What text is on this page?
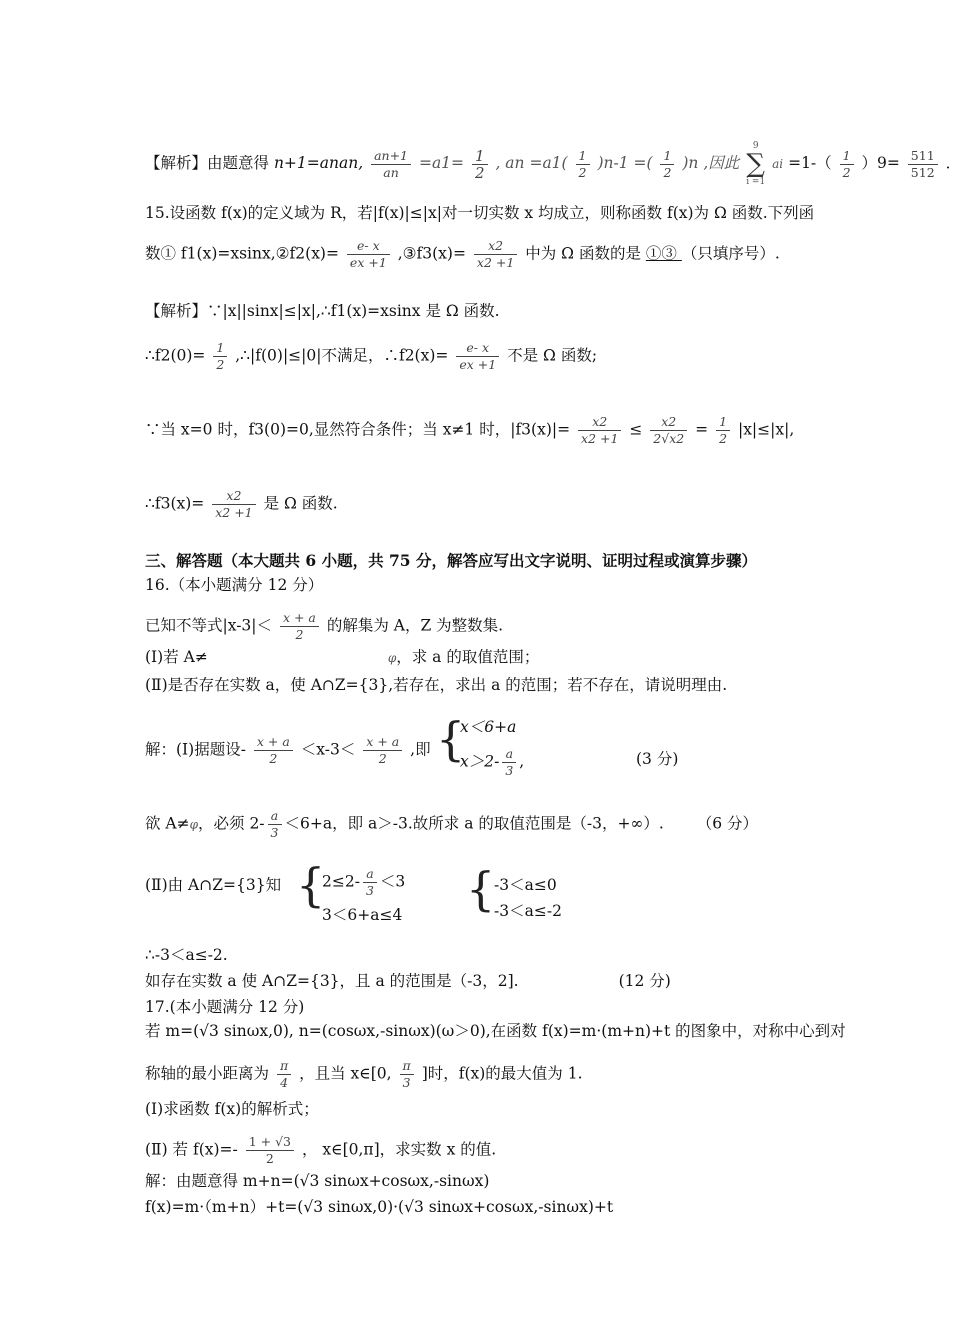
【解析】由题意得 n+1=anan, $\frac{an+1}{an} =a1= \frac{1}{2}$ , an $=a1( \frac{1}{2} )n-1$ =( $\frac{1}{2} )n$ ,因此
9
∑
i =1
ai $=1-( \frac{1}{2} )9= \frac{511}{512}$ ．
15.设函数 f(x)的定义域为 R，若|f(x)|≤|x|对一切实数 x 均成立，则称函数 f(x)为 Ω 函数.下列函
数① f1(x)=xsinx,②f2(x)= $\frac{e- x}{ex +1}$ ,③f3(x)= $\frac{x2}{x2 +1}$ 中为 Ω 函数的是 ①③ （只填序号）.
【解析】∵|x||sinx|≤|x|,∴f1(x)=xsinx 是 Ω 函数.
∴f2(0)= $\frac{1}{2}$ ,∴|f(0)|≤|0|不满足，∴f2(x)= $\frac{e- x}{ex +1}$ 不是 Ω 函数;
∵当 x=0 时，f3(0)=0,显然符合条件；当 x≠1 时，$|f3(x)|= \frac{x2}{x2 +1} \le \frac{x2}{2√x2} = \frac{1}{2} |x|\le|x|$,
∴f3(x)= $\frac{x2}{x2 +1}$ 是 Ω 函数.
三、解答题（本大题共 6 小题，共 75 分，解答应写出文字说明、证明过程或演算步骤）
16.（本小题满分 12 分）
已知不等式$|x-3|< \frac{x + a}{2}$ 的解集为 A，Z 为整数集.
(I)若 A≠	φ，求 a 的取值范围；
(Ⅱ)是否存在实数 a，使 A∩Z={3},若存在，求出 a 的范围；若不存在，请说明理由.
解：(I)据题设- $\frac{x + a}{2} <x-3< \frac{x + a}{2}$ ,即 {
x＜6+a
$x>2- \frac{a}{3}$ ,	(3 分)
欲 A≠φ，必须 $2- \frac{a}{3} <6+a$，即 a＞-3.故所求 a 的取值范围是（-3，+∞）. （6 分）
(Ⅱ)由 A∩Z={3}知 {
$2\le 2- \frac{a}{3} <3$
3＜6+a≤4 {
-3＜a≤0
-3＜a≤-2
∴-3＜a≤-2.
如存在实数 a 使 A∩Z={3}，且 a 的范围是（-3，2].	(12 分)
17.(本小题满分 12 分)
若 m=(√3 sinωx,0), n=(cosωx,-sinωx)(ω＞0),在函数 f(x)=m·(m+n)+t 的图象中，对称中心到对
称轴的最小距离为 $\frac{\pi}{4}$ ，且当 x∈[0, $\frac{\pi}{3}$ ]时，f(x)的最大值为 1.
(I)求函数 f(x)的解析式；
(Ⅱ) 若 $f(x)=- \frac{1 + √3}{2}$ ， x∈[0,π]，求实数 x 的值.
解：由题意得 m+n=(√3 sinωx+cosωx,-sinωx)
f(x)=m·（m+n）+t=(√3 sinωx,0)·(√3 sinωx+cosωx,-sinωx)+t
